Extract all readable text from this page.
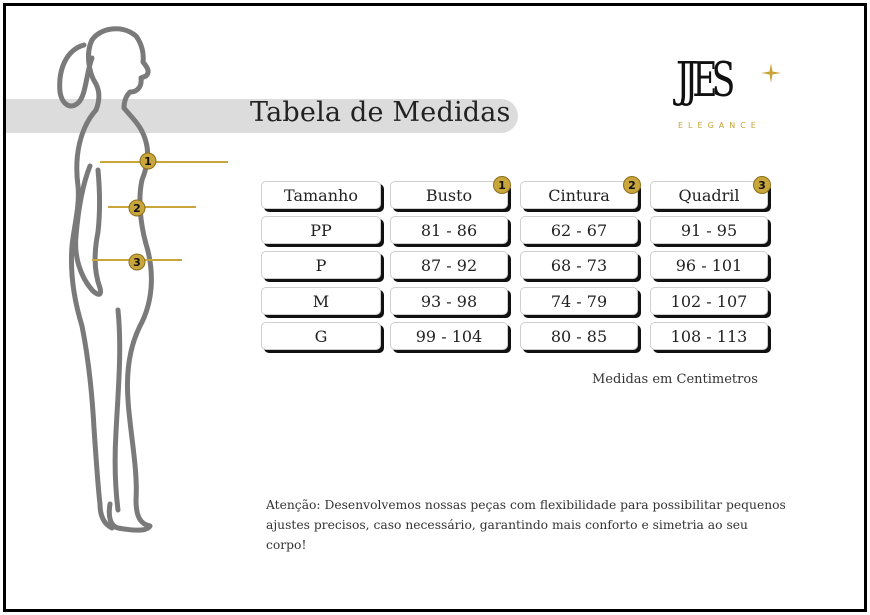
Tabela de Medidas
1
2
3
JJES
ELEGANCE
Tamanho	Busto	Cintura	Quadril
1	2	3
PP	81 - 86	62 - 67	91 - 95
P	87 - 92	68 - 73	96 - 101
M	93 - 98	74 - 79	102 - 107
G	99 - 104	80 - 85	108 - 113
Medidas em Centimetros
Atenção: Desenvolvemos nossas peças com flexibilidade para possibilitar pequenos ajustes precisos, caso necessário, garantindo mais conforto e simetria ao seu corpo!
